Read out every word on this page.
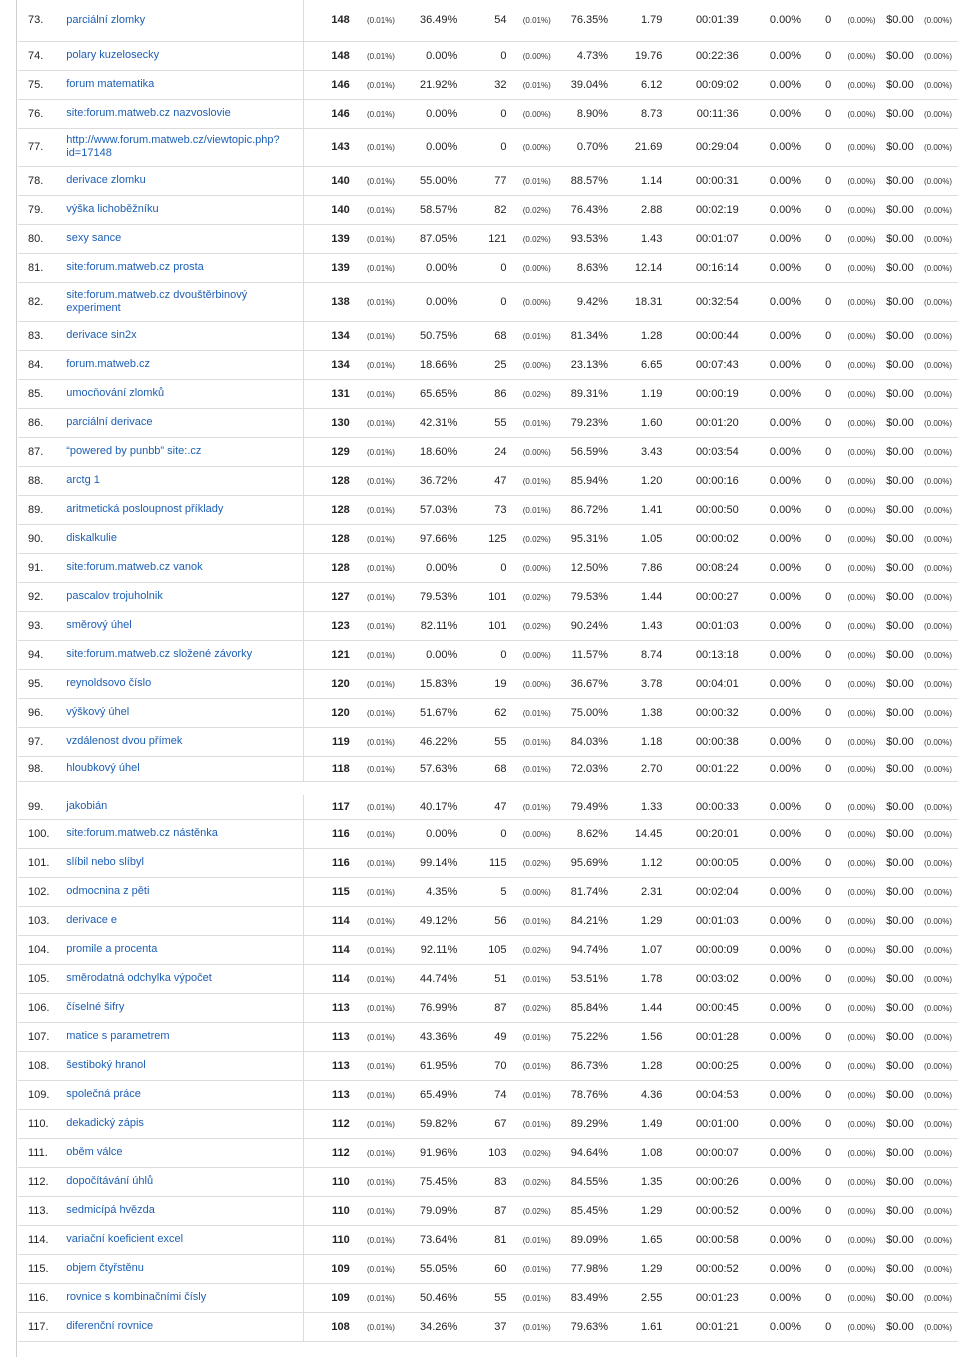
73.	parciální zlomky	148	(0.01%)	36.49%	54	(0.01%)	76.35%	1.79	00:01:39	0.00%	0	(0.00%)	$0.00	(0.00%)
74.	polary kuzelosecky	148	(0.01%)	0.00%	0	(0.00%)	4.73%	19.76	00:22:36	0.00%	0	(0.00%)	$0.00	(0.00%)
75.	forum matematika	146	(0.01%)	21.92%	32	(0.01%)	39.04%	6.12	00:09:02	0.00%	0	(0.00%)	$0.00	(0.00%)
76.	site:forum.matweb.cz nazvoslovie	146	(0.01%)	0.00%	0	(0.00%)	8.90%	8.73	00:11:36	0.00%	0	(0.00%)	$0.00	(0.00%)
77.	http://www.forum.matweb.cz/viewtopic.php? id=17148	143	(0.01%)	0.00%	0	(0.00%)	0.70%	21.69	00:29:04	0.00%	0	(0.00%)	$0.00	(0.00%)
78.	derivace zlomku	140	(0.01%)	55.00%	77	(0.01%)	88.57%	1.14	00:00:31	0.00%	0	(0.00%)	$0.00	(0.00%)
79.	výška lichoběžníku	140	(0.01%)	58.57%	82	(0.02%)	76.43%	2.88	00:02:19	0.00%	0	(0.00%)	$0.00	(0.00%)
80.	sexy sance	139	(0.01%)	87.05%	121	(0.02%)	93.53%	1.43	00:01:07	0.00%	0	(0.00%)	$0.00	(0.00%)
81.	site:forum.matweb.cz prosta	139	(0.01%)	0.00%	0	(0.00%)	8.63%	12.14	00:16:14	0.00%	0	(0.00%)	$0.00	(0.00%)
82.	site:forum.matweb.cz dvouštěrbinový experiment	138	(0.01%)	0.00%	0	(0.00%)	9.42%	18.31	00:32:54	0.00%	0	(0.00%)	$0.00	(0.00%)
83.	derivace sin2x	134	(0.01%)	50.75%	68	(0.01%)	81.34%	1.28	00:00:44	0.00%	0	(0.00%)	$0.00	(0.00%)
84.	forum.matweb.cz	134	(0.01%)	18.66%	25	(0.00%)	23.13%	6.65	00:07:43	0.00%	0	(0.00%)	$0.00	(0.00%)
85.	umocňování zlomků	131	(0.01%)	65.65%	86	(0.02%)	89.31%	1.19	00:00:19	0.00%	0	(0.00%)	$0.00	(0.00%)
86.	parciální derivace	130	(0.01%)	42.31%	55	(0.01%)	79.23%	1.60	00:01:20	0.00%	0	(0.00%)	$0.00	(0.00%)
87.	“powered by punbb” site:.cz	129	(0.01%)	18.60%	24	(0.00%)	56.59%	3.43	00:03:54	0.00%	0	(0.00%)	$0.00	(0.00%)
88.	arctg 1	128	(0.01%)	36.72%	47	(0.01%)	85.94%	1.20	00:00:16	0.00%	0	(0.00%)	$0.00	(0.00%)
89.	aritmetická posloupnost příklady	128	(0.01%)	57.03%	73	(0.01%)	86.72%	1.41	00:00:50	0.00%	0	(0.00%)	$0.00	(0.00%)
90.	diskalkulie	128	(0.01%)	97.66%	125	(0.02%)	95.31%	1.05	00:00:02	0.00%	0	(0.00%)	$0.00	(0.00%)
91.	site:forum.matweb.cz vanok	128	(0.01%)	0.00%	0	(0.00%)	12.50%	7.86	00:08:24	0.00%	0	(0.00%)	$0.00	(0.00%)
92.	pascalov trojuholnik	127	(0.01%)	79.53%	101	(0.02%)	79.53%	1.44	00:00:27	0.00%	0	(0.00%)	$0.00	(0.00%)
93.	směrový úhel	123	(0.01%)	82.11%	101	(0.02%)	90.24%	1.43	00:01:03	0.00%	0	(0.00%)	$0.00	(0.00%)
94.	site:forum.matweb.cz složené závorky	121	(0.01%)	0.00%	0	(0.00%)	11.57%	8.74	00:13:18	0.00%	0	(0.00%)	$0.00	(0.00%)
95.	reynoldsovo číslo	120	(0.01%)	15.83%	19	(0.00%)	36.67%	3.78	00:04:01	0.00%	0	(0.00%)	$0.00	(0.00%)
96.	výškový úhel	120	(0.01%)	51.67%	62	(0.01%)	75.00%	1.38	00:00:32	0.00%	0	(0.00%)	$0.00	(0.00%)
97.	vzdálenost dvou přímek	119	(0.01%)	46.22%	55	(0.01%)	84.03%	1.18	00:00:38	0.00%	0	(0.00%)	$0.00	(0.00%)
98.	hloubkový úhel	118	(0.01%)	57.63%	68	(0.01%)	72.03%	2.70	00:01:22	0.00%	0	(0.00%)	$0.00	(0.00%)

99.	jakobián	117	(0.01%)	40.17%	47	(0.01%)	79.49%	1.33	00:00:33	0.00%	0	(0.00%)	$0.00	(0.00%)
100.	site:forum.matweb.cz nástěnka	116	(0.01%)	0.00%	0	(0.00%)	8.62%	14.45	00:20:01	0.00%	0	(0.00%)	$0.00	(0.00%)
101.	slíbil nebo slíbyl	116	(0.01%)	99.14%	115	(0.02%)	95.69%	1.12	00:00:05	0.00%	0	(0.00%)	$0.00	(0.00%)
102.	odmocnina z pěti	115	(0.01%)	4.35%	5	(0.00%)	81.74%	2.31	00:02:04	0.00%	0	(0.00%)	$0.00	(0.00%)
103.	derivace e	114	(0.01%)	49.12%	56	(0.01%)	84.21%	1.29	00:01:03	0.00%	0	(0.00%)	$0.00	(0.00%)
104.	promile a procenta	114	(0.01%)	92.11%	105	(0.02%)	94.74%	1.07	00:00:09	0.00%	0	(0.00%)	$0.00	(0.00%)
105.	směrodatná odchylka výpočet	114	(0.01%)	44.74%	51	(0.01%)	53.51%	1.78	00:03:02	0.00%	0	(0.00%)	$0.00	(0.00%)
106.	číselné šifry	113	(0.01%)	76.99%	87	(0.02%)	85.84%	1.44	00:00:45	0.00%	0	(0.00%)	$0.00	(0.00%)
107.	matice s parametrem	113	(0.01%)	43.36%	49	(0.01%)	75.22%	1.56	00:01:28	0.00%	0	(0.00%)	$0.00	(0.00%)
108.	šestiboký hranol	113	(0.01%)	61.95%	70	(0.01%)	86.73%	1.28	00:00:25	0.00%	0	(0.00%)	$0.00	(0.00%)
109.	společná práce	113	(0.01%)	65.49%	74	(0.01%)	78.76%	4.36	00:04:53	0.00%	0	(0.00%)	$0.00	(0.00%)
110.	dekadický zápis	112	(0.01%)	59.82%	67	(0.01%)	89.29%	1.49	00:01:00	0.00%	0	(0.00%)	$0.00	(0.00%)
111.	oběm válce	112	(0.01%)	91.96%	103	(0.02%)	94.64%	1.08	00:00:07	0.00%	0	(0.00%)	$0.00	(0.00%)
112.	dopočítávání úhlů	110	(0.01%)	75.45%	83	(0.02%)	84.55%	1.35	00:00:26	0.00%	0	(0.00%)	$0.00	(0.00%)
113.	sedmicípá hvězda	110	(0.01%)	79.09%	87	(0.02%)	85.45%	1.29	00:00:52	0.00%	0	(0.00%)	$0.00	(0.00%)
114.	variační koeficient excel	110	(0.01%)	73.64%	81	(0.01%)	89.09%	1.65	00:00:58	0.00%	0	(0.00%)	$0.00	(0.00%)
115.	objem čtyřstěnu	109	(0.01%)	55.05%	60	(0.01%)	77.98%	1.29	00:00:52	0.00%	0	(0.00%)	$0.00	(0.00%)
116.	rovnice s kombinačními čísly	109	(0.01%)	50.46%	55	(0.01%)	83.49%	2.55	00:01:23	0.00%	0	(0.00%)	$0.00	(0.00%)
117.	diferenční rovnice	108	(0.01%)	34.26%	37	(0.01%)	79.63%	1.61	00:01:21	0.00%	0	(0.00%)	$0.00	(0.00%)
